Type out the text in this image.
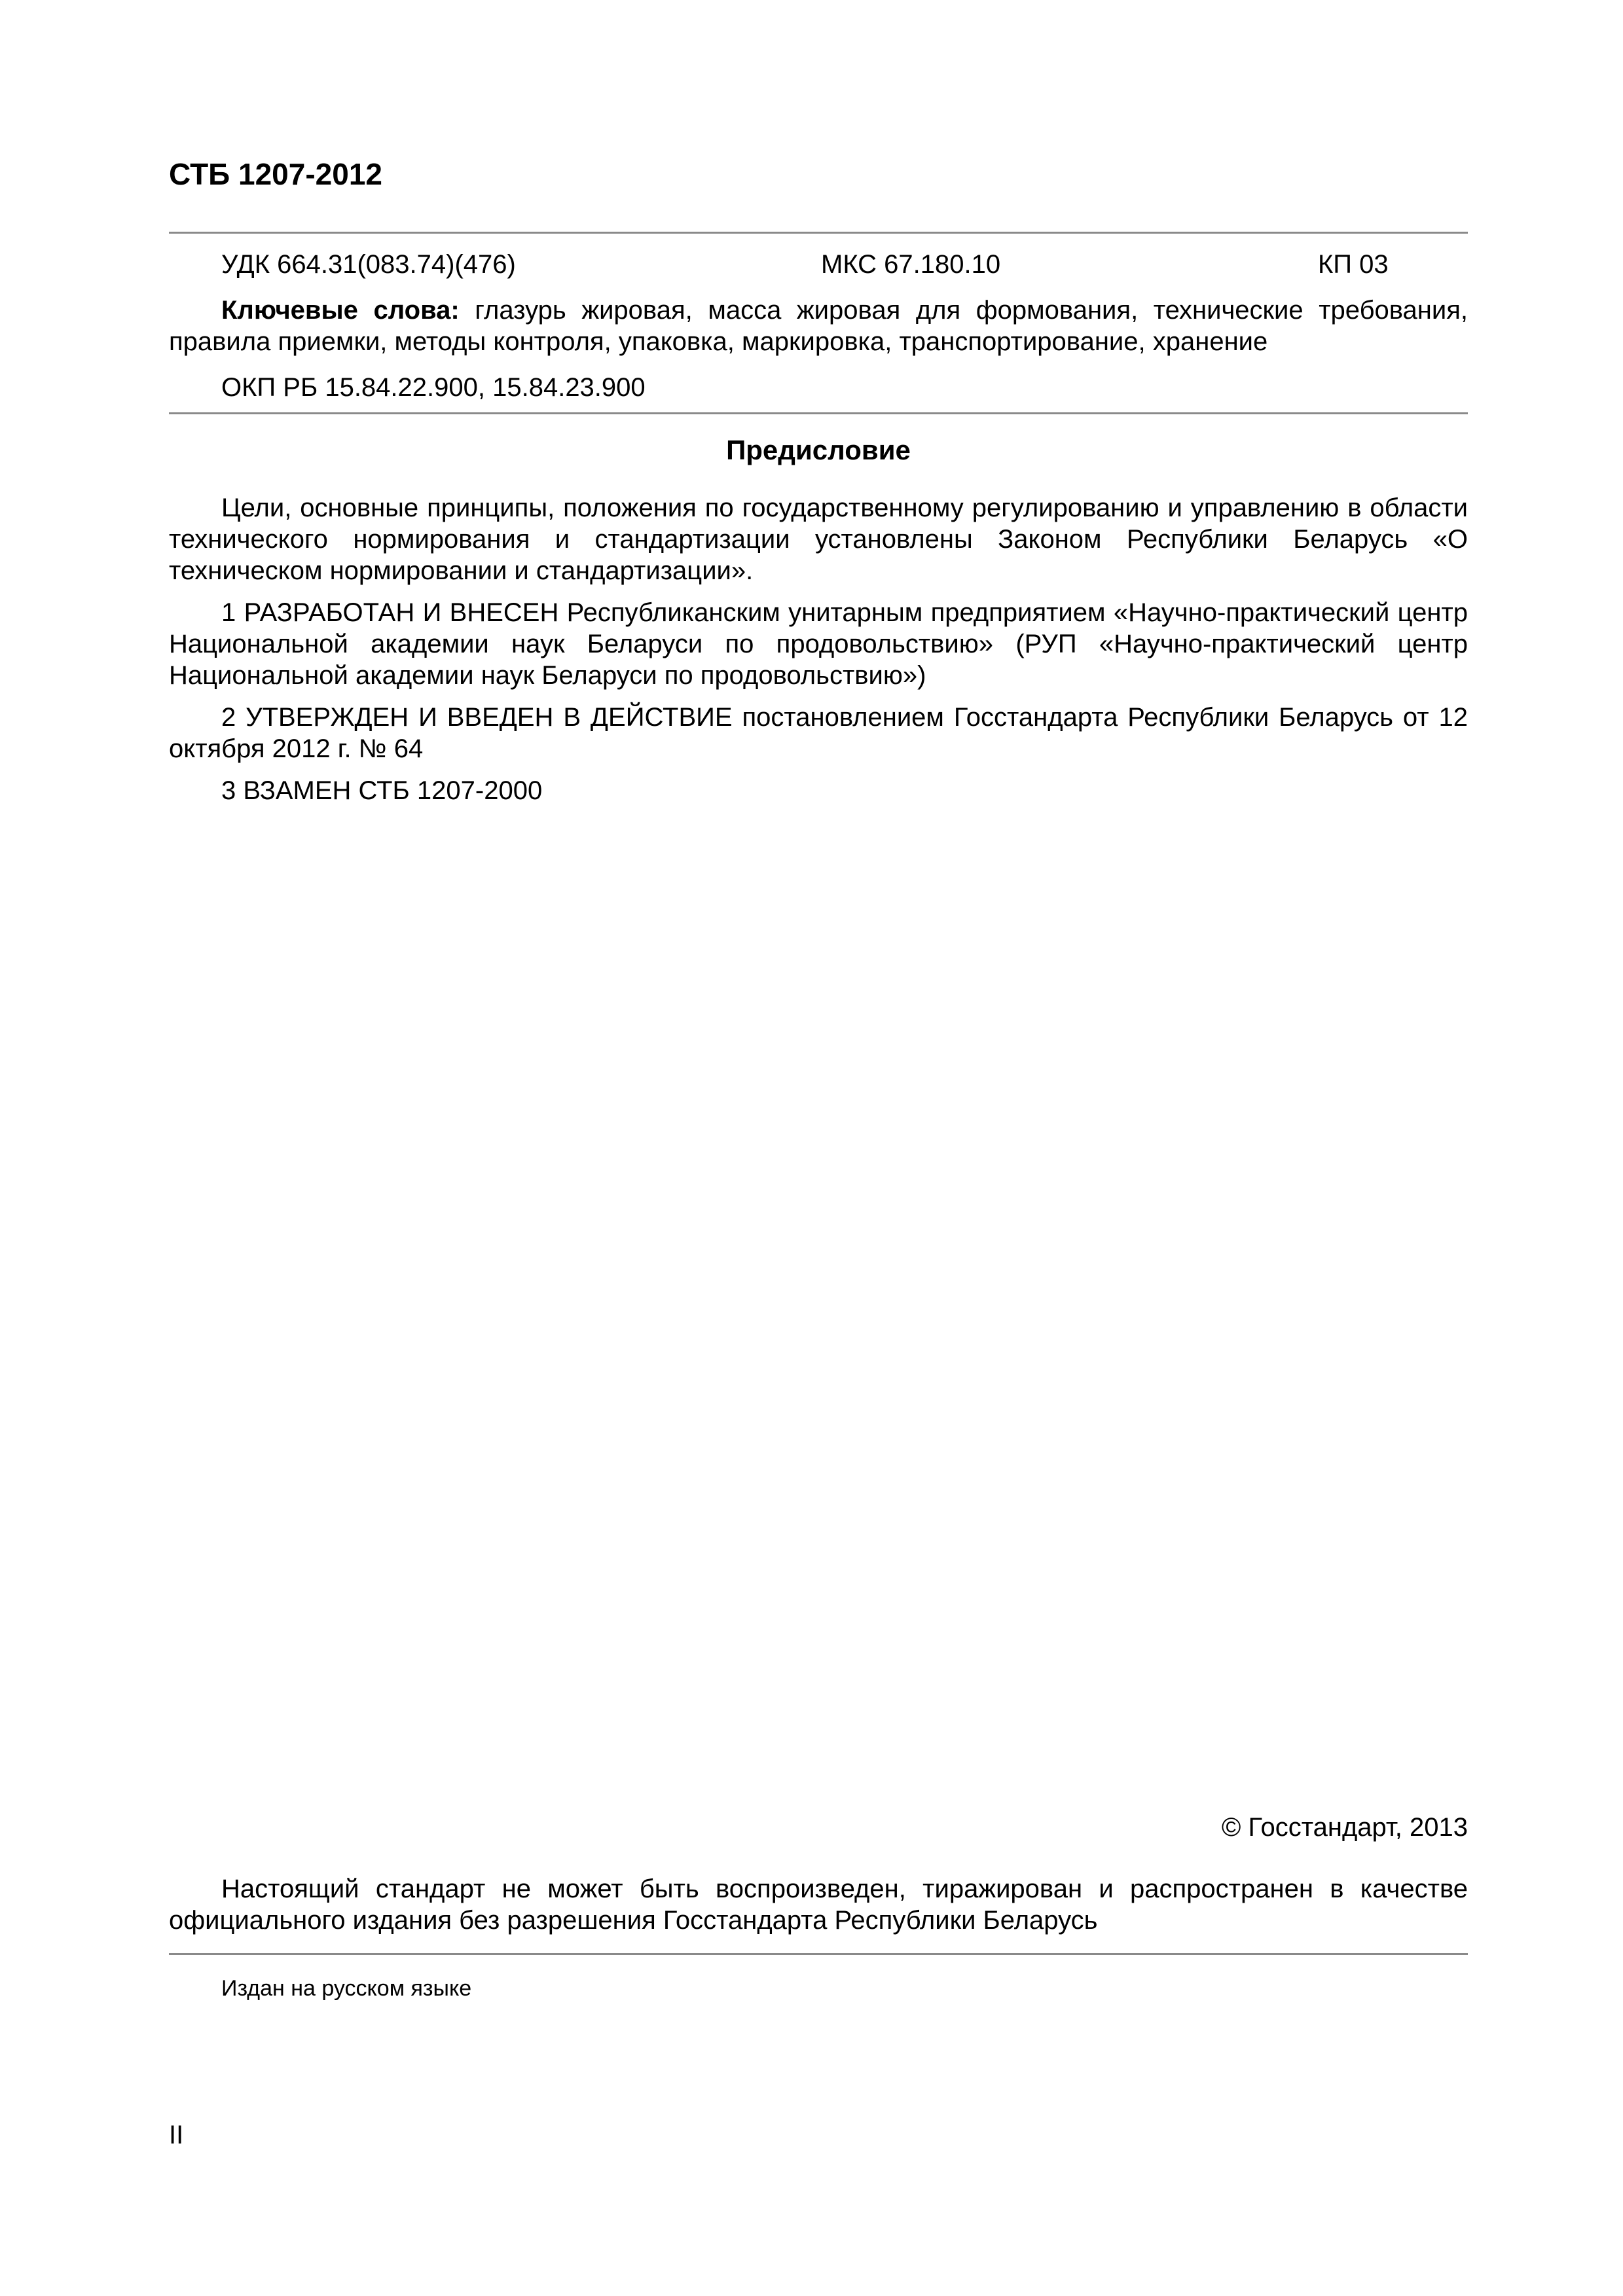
СТБ 1207-2012
УДК 664.31(083.74)(476)	МКС 67.180.10	КП 03

Ключевые слова: глазурь жировая, масса жировая для формования, технические требования, правила приемки, методы контроля, упаковка, маркировка, транспортирование, хранение

ОКП РБ 15.84.22.900, 15.84.23.900

Предисловие

Цели, основные принципы, положения по государственному регулированию и управлению в области технического нормирования и стандартизации установлены Законом Республики Беларусь «О техническом нормировании и стандартизации».

1 РАЗРАБОТАН И ВНЕСЕН Республиканским унитарным предприятием «Научно-практический центр Национальной академии наук Беларуси по продовольствию» (РУП «Научно-практический центр Национальной академии наук Беларуси по продовольствию»)

2 УТВЕРЖДЕН И ВВЕДЕН В ДЕЙСТВИЕ постановлением Госстандарта Республики Беларусь от 12 октября 2012 г. № 64

3 ВЗАМЕН СТБ 1207-2000

© Госстандарт, 2013

Настоящий стандарт не может быть воспроизведен, тиражирован и распространен в качестве официального издания без разрешения Госстандарта Республики Беларусь

Издан на русском языке
II
